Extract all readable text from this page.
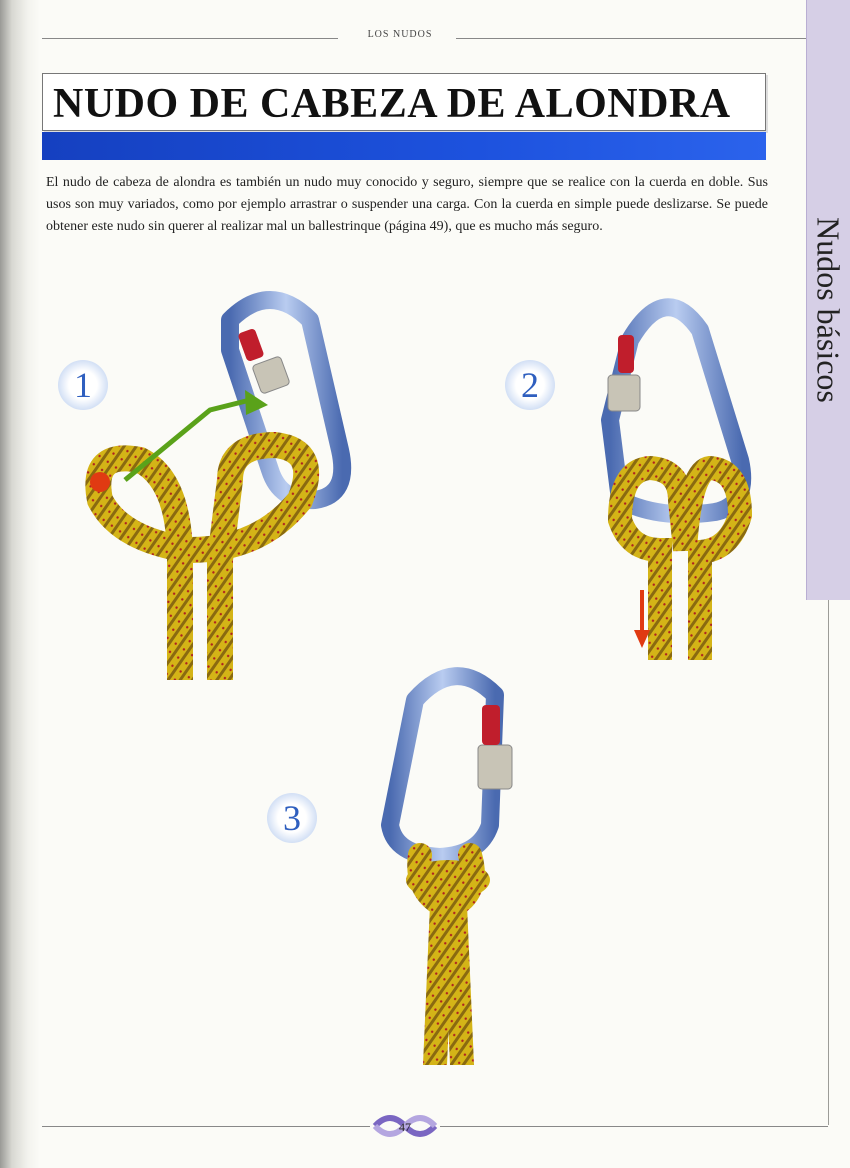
LOS NUDOS
Nudos básicos
NUDO DE CABEZA DE ALONDRA
El nudo de cabeza de alondra es también un nudo muy conocido y seguro, siempre que se realice con la cuerda en doble. Sus usos son muy variados, como por ejemplo arrastrar o suspender una carga. Con la cuerda en simple puede deslizarse. Se puede obtener este nudo sin querer al realizar mal un ballestrinque (página 49), que es mucho más seguro.
1	2
3
47
